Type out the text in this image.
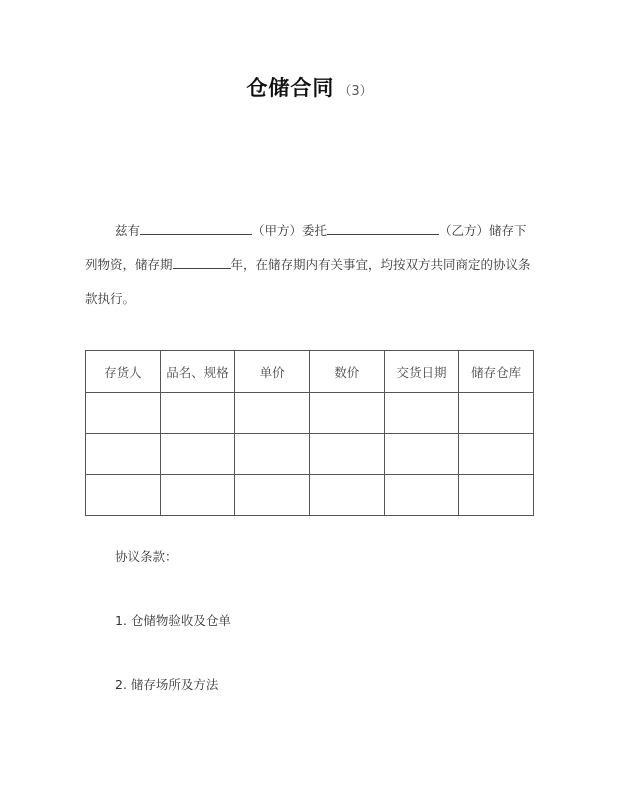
仓储合同 （3）
兹有	（甲方）委托	（乙方）储存下
列物资，储存期	年，在储存期内有关事宜，均按双方共同商定的协议条
款执行。
存货人	品名、规格	单价	数价	交货日期	储存仓库

协议条款：
1. 仓储物验收及仓单
2. 储存场所及方法
